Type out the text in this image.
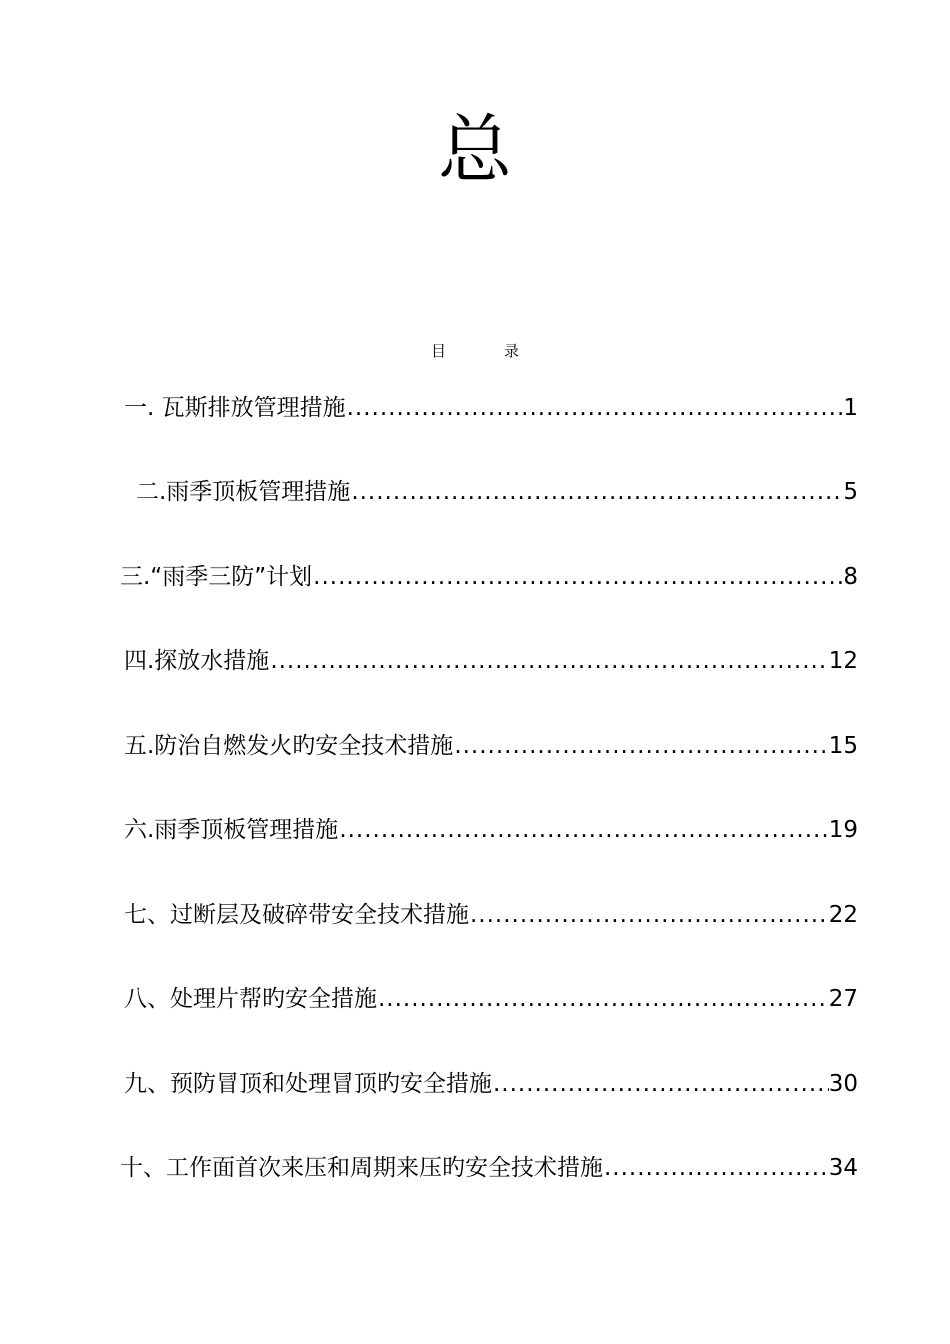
总
目	录
一. 瓦斯排放管理措施 .....	1
二.雨季顶板管理措施 .....	5
三.“雨季三防”计划 .....	8
四.探放水措施 .....	12
五.防治自燃发火旳安全技术措施 .....	15
六.雨季顶板管理措施 .....	19
七、过断层及破碎带安全技术措施 .....	22
八、处理片帮旳安全措施 .....	27
九、预防冒顶和处理冒顶旳安全措施 .....	30
十、工作面首次来压和周期来压旳安全技术措施 .....	34
